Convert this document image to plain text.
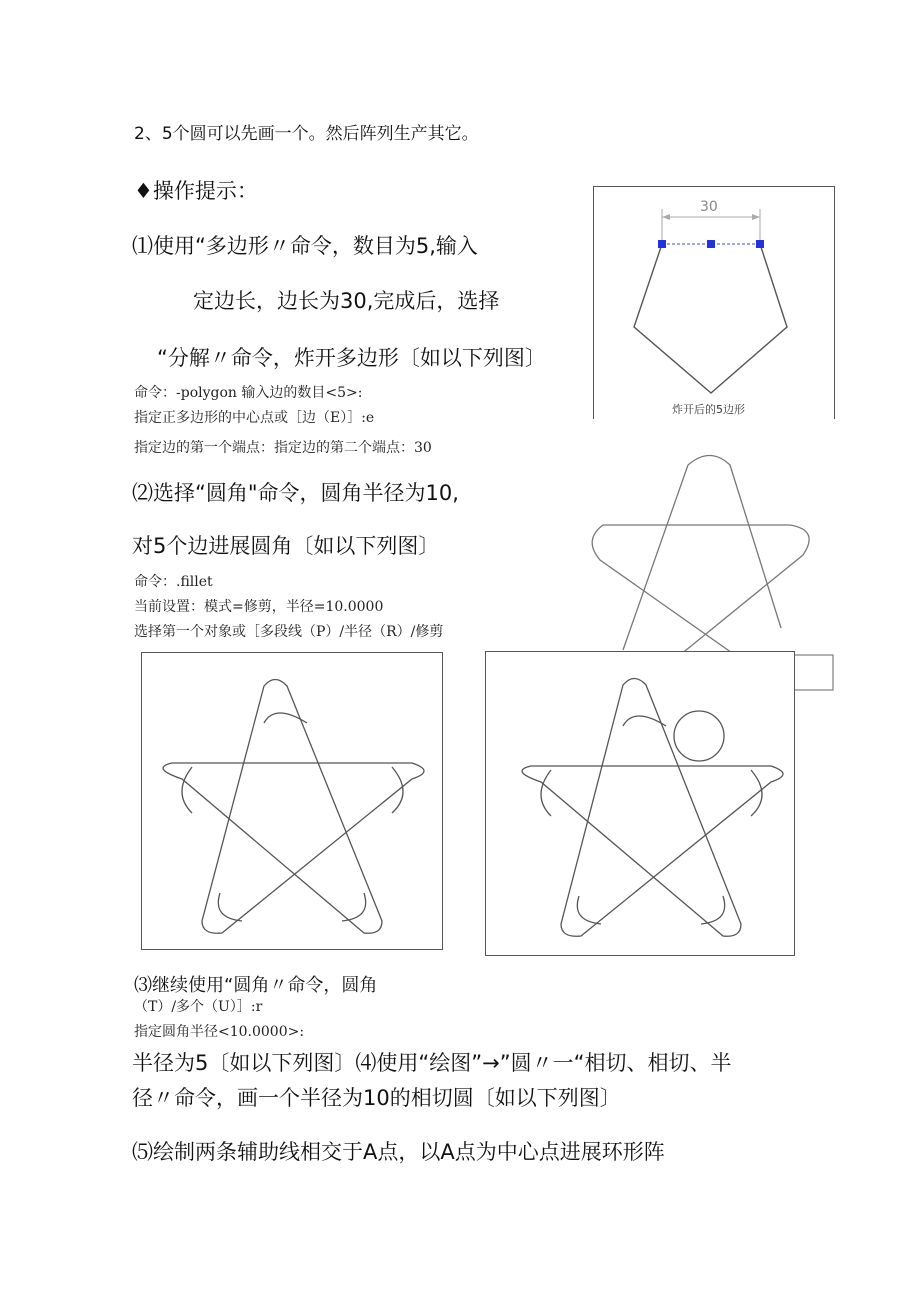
2、5个圆可以先画一个。然后阵列生产其它。
♦操作提示：
⑴使用“多边形〃命令，数目为5,输入
定边长，边长为30,完成后，选择
“分解〃命令，炸开多边形〔如以下列图〕
命令：-polygon 输入边的数目<5>:
指定正多边形的中心点或［边（E）］:e
指定边的第一个端点：指定边的第二个端点：30
⑵选择“圆角"命令，圆角半径为10,
对5个边进展圆角〔如以下列图〕
命令：.fillet
当前设置：模式=修剪，半径=10.0000
选择第一个对象或［多段线（P）/半径（R）/修剪
⑶继续使用“圆角〃命令，圆角
（T）/多个（U）］:r
指定圆角半径<10.0000>:
半径为5〔如以下列图〕⑷使用“绘图”→”圆〃一“相切、相切、半
径〃命令，画一个半径为10的相切圆〔如以下列图〕
⑸绘制两条辅助线相交于A点，以A点为中心点进展环形阵
30
炸开后的5边形
